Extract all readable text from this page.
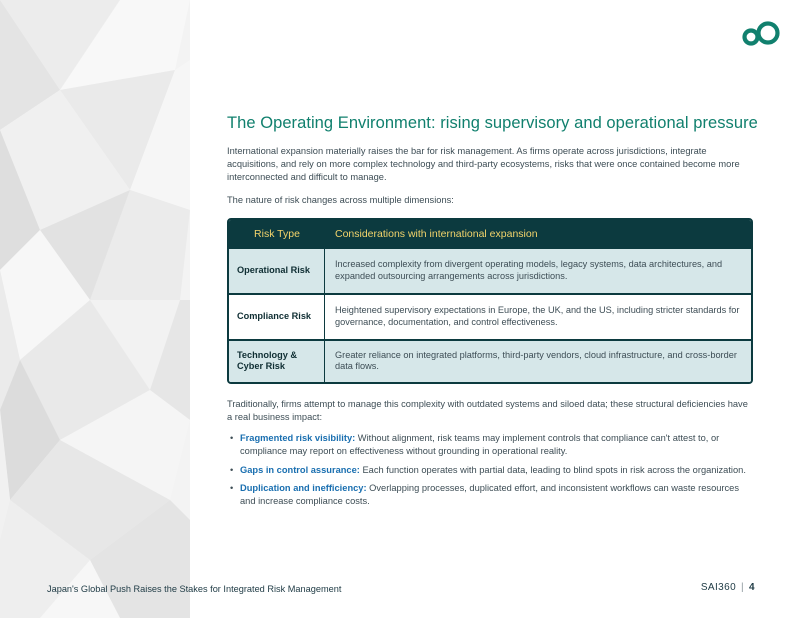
The Operating Environment: rising supervisory and operational pressure

International expansion materially raises the bar for risk management. As firms operate across jurisdictions, integrate acquisitions, and rely on more complex technology and third-party ecosystems, risks that were once contained become more interconnected and difficult to manage.

The nature of risk changes across multiple dimensions:

Risk Type	Considerations with international expansion
Operational Risk	Increased complexity from divergent operating models, legacy systems, data architectures, and expanded outsourcing arrangements across jurisdictions.
Compliance Risk	Heightened supervisory expectations in Europe, the UK, and the US, including stricter standards for governance, documentation, and control effectiveness.
Technology &
Cyber Risk	Greater reliance on integrated platforms, third-party vendors, cloud infrastructure, and cross-border data flows.

Traditionally, firms attempt to manage this complexity with outdated systems and siloed data; these structural deficiencies have a real business impact:

• Fragmented risk visibility: Without alignment, risk teams may implement controls that compliance can't attest to, or compliance may report on effectiveness without grounding in operational reality.
• Gaps in control assurance: Each function operates with partial data, leading to blind spots in risk across the organization.
• Duplication and inefficiency: Overlapping processes, duplicated effort, and inconsistent workflows can waste resources and increase compliance costs.
Japan's Global Push Raises the Stakes for Integrated Risk Management	SAI360 | 4
